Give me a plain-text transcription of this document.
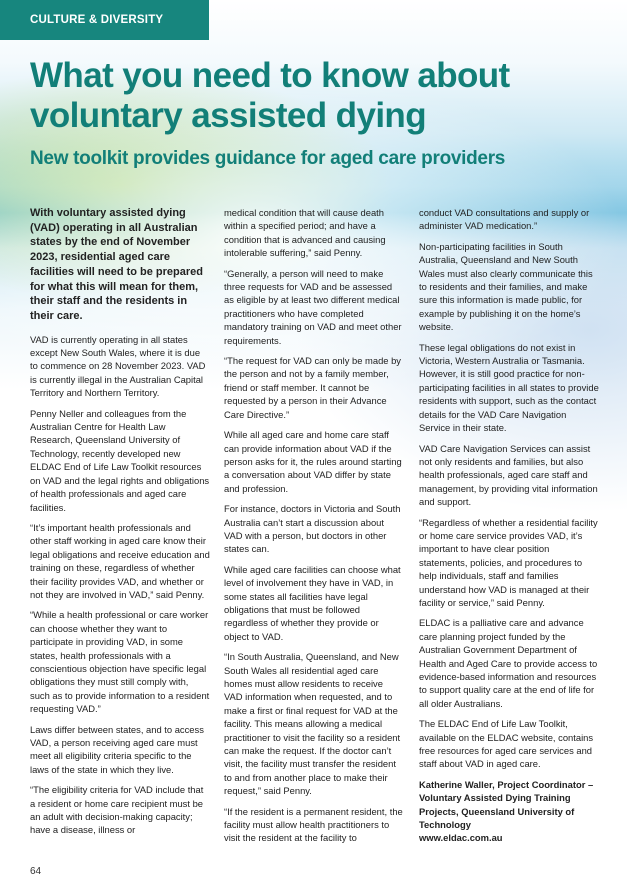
CULTURE & DIVERSITY
What you need to know about voluntary assisted dying
New toolkit provides guidance for aged care providers

With voluntary assisted dying (VAD) operating in all Australian states by the end of November 2023, residential aged care facilities will need to be prepared for what this will mean for them, their staff and the residents in their care.

VAD is currently operating in all states except New South Wales, where it is due to commence on 28 November 2023. VAD is currently illegal in the Australian Capital Territory and Northern Territory.

Penny Neller and colleagues from the Australian Centre for Health Law Research, Queensland University of Technology, recently developed new ELDAC End of Life Law Toolkit resources on VAD and the legal rights and obligations of health professionals and aged care facilities.

“It’s important health professionals and other staff working in aged care know their legal obligations and receive education and training on these, regardless of whether their facility provides VAD, and whether or not they are involved in VAD,” said Penny.

“While a health professional or care worker can choose whether they want to participate in providing VAD, in some states, health professionals with a conscientious objection have specific legal obligations they must still comply with, such as to provide information to a resident requesting VAD.”

Laws differ between states, and to access VAD, a person receiving aged care must meet all eligibility criteria specific to the laws of the state in which they live.

“The eligibility criteria for VAD include that a resident or home care recipient must be an adult with decision-making capacity; have a disease, illness or

medical condition that will cause death within a specified period; and have a condition that is advanced and causing intolerable suffering,” said Penny.

“Generally, a person will need to make three requests for VAD and be assessed as eligible by at least two different medical practitioners who have completed mandatory training on VAD and meet other requirements.

“The request for VAD can only be made by the person and not by a family member, friend or staff member. It cannot be requested by a person in their Advance Care Directive.”

While all aged care and home care staff can provide information about VAD if the person asks for it, the rules around starting a conversation about VAD differ by state and profession.

For instance, doctors in Victoria and South Australia can’t start a discussion about VAD with a person, but doctors in other states can.

While aged care facilities can choose what level of involvement they have in VAD, in some states all facilities have legal obligations that must be followed regardless of whether they provide or object to VAD.

“In South Australia, Queensland, and New South Wales all residential aged care homes must allow residents to receive VAD information when requested, and to make a first or final request for VAD at the facility. This means allowing a medical practitioner to visit the facility so a resident can make the request. If the doctor can’t visit, the facility must transfer the resident to and from another place to make their request,” said Penny.

“If the resident is a permanent resident, the facility must allow health practitioners to visit the resident at the facility to

conduct VAD consultations and supply or administer VAD medication.”

Non-participating facilities in South Australia, Queensland and New South Wales must also clearly communicate this to residents and their families, and make sure this information is made public, for example by publishing it on the home’s website.

These legal obligations do not exist in Victoria, Western Australia or Tasmania. However, it is still good practice for non-participating facilities in all states to provide residents with support, such as the contact details for the VAD Care Navigation Service in their state.

VAD Care Navigation Services can assist not only residents and families, but also health professionals, aged care staff and management, by providing vital information and support.

“Regardless of whether a residential facility or home care service provides VAD, it’s important to have clear position statements, policies, and procedures to help individuals, staff and families understand how VAD is managed at their facility or service,” said Penny.

ELDAC is a palliative care and advance care planning project funded by the Australian Government Department of Health and Aged Care to provide access to evidence-based information and resources to support quality care at the end of life for all older Australians.

The ELDAC End of Life Law Toolkit, available on the ELDAC website, contains free resources for aged care services and staff about VAD in aged care.

Katherine Waller, Project Coordinator – Voluntary Assisted Dying Training Projects, Queensland University of Technology

www.eldac.com.au

64
